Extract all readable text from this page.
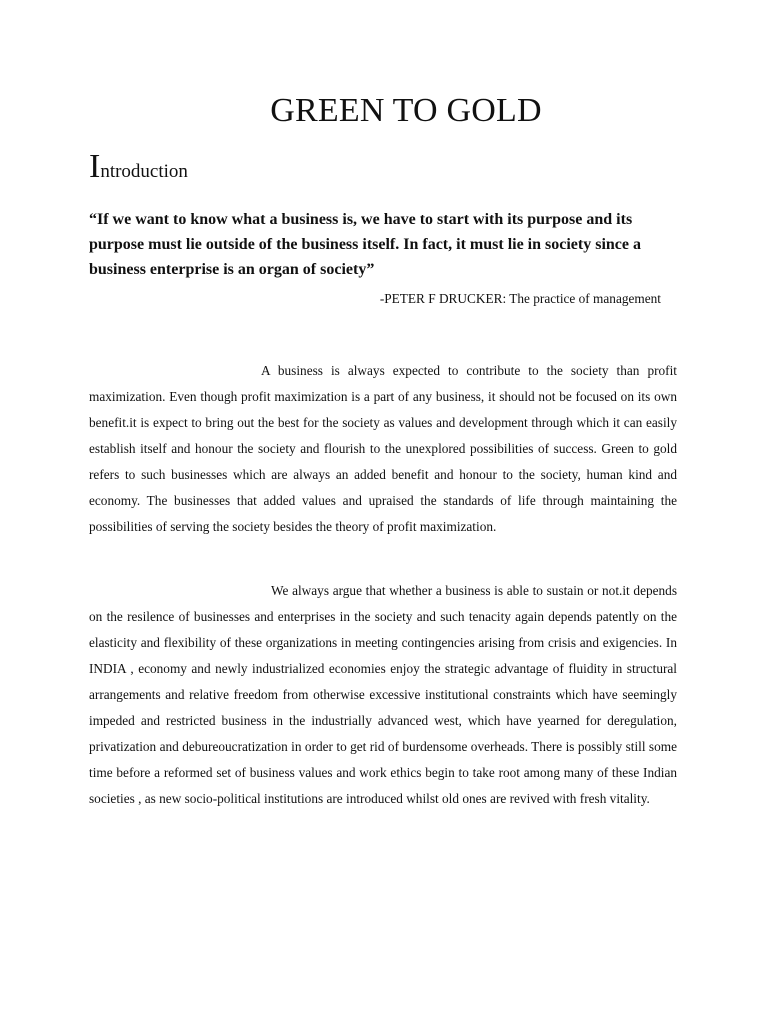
GREEN TO GOLD
Introduction

“If we want to know what a business is, we have to start with its purpose and its purpose must lie outside of the business itself. In fact, it must lie in society since a business enterprise is an organ of society”

-PETER F DRUCKER: The practice of management

A business is always expected to contribute to the society than profit maximization. Even though profit maximization is a part of any business, it should not be focused on its own benefit.it is expect to bring out the best for the society as values and development through which it can easily establish itself and honour the society and flourish to the unexplored possibilities of success. Green to gold refers to such businesses which are always an added benefit and honour to the society, human kind and economy. The businesses that added values and upraised the standards of life through maintaining the possibilities of serving the society besides the theory of profit maximization.

We always argue that whether a business is able to sustain or not.it depends on the resilence of businesses and enterprises in the society and such tenacity again depends patently on the elasticity and flexibility of these organizations in meeting contingencies arising from crisis and exigencies. In INDIA , economy and newly industrialized economies enjoy the strategic advantage of fluidity in structural arrangements and relative freedom from otherwise excessive institutional constraints which have seemingly impeded and restricted business in the industrially advanced west, which have yearned for deregulation, privatization and debureoucratization in order to get rid of burdensome overheads. There is possibly still some time before a reformed set of business values and work ethics begin to take root among many of these Indian societies , as new socio-political institutions are introduced whilst old ones are revived with fresh vitality.
